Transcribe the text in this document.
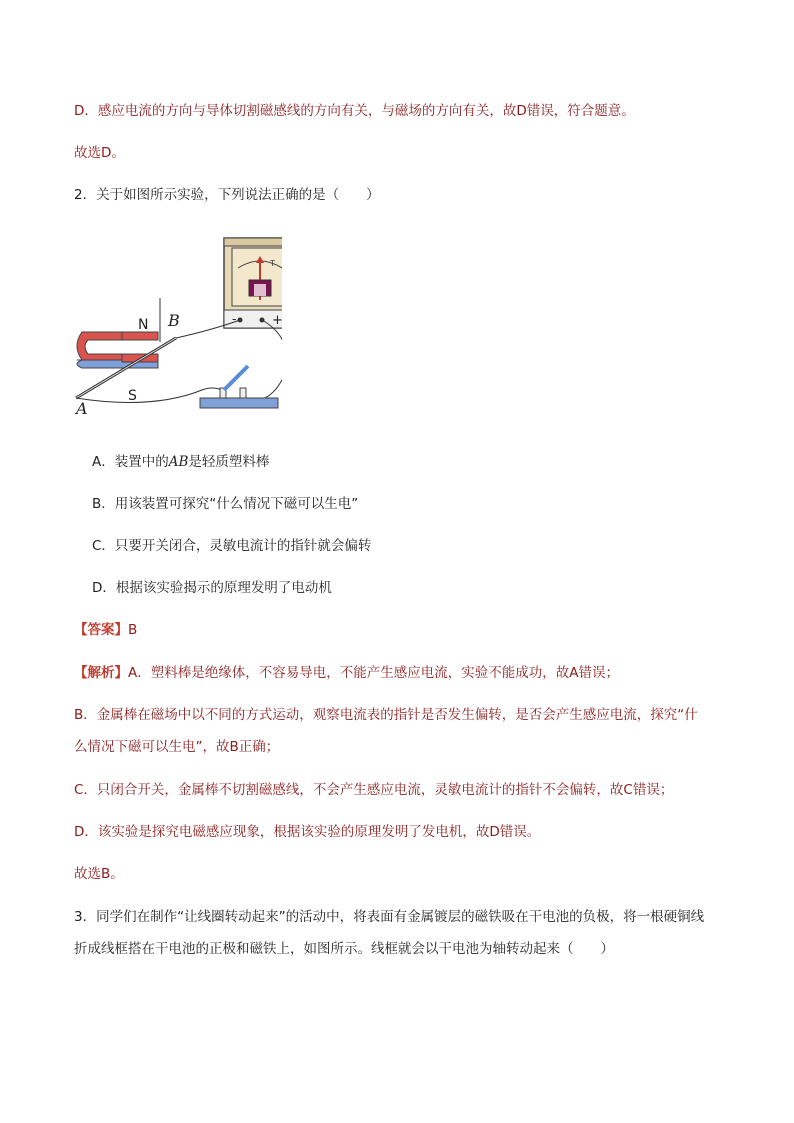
D．感应电流的方向与导体切割磁感线的方向有关，与磁场的方向有关，故D错误，符合题意。
故选D。
2．关于如图所示实验，下列说法正确的是（　　）
T
-	+
N
S
B
A
A．装置中的AB是轻质塑料棒
B．用该装置可探究“什么情况下磁可以生电”
C．只要开关闭合，灵敏电流计的指针就会偏转
D．根据该实验揭示的原理发明了电动机
【答案】B
【解析】A．塑料棒是绝缘体，不容易导电，不能产生感应电流，实验不能成功，故A错误；
B．金属棒在磁场中以不同的方式运动，观察电流表的指针是否发生偏转，是否会产生感应电流，探究“什
么情况下磁可以生电”，故B正确；
C．只闭合开关，金属棒不切割磁感线，不会产生感应电流，灵敏电流计的指针不会偏转，故C错误；
D．该实验是探究电磁感应现象，根据该实验的原理发明了发电机，故D错误。
故选B。
3．同学们在制作“让线圈转动起来”的活动中，将表面有金属镀层的磁铁吸在干电池的负极，将一根硬铜线
折成线框搭在干电池的正极和磁铁上，如图所示。线框就会以干电池为轴转动起来（　　）
